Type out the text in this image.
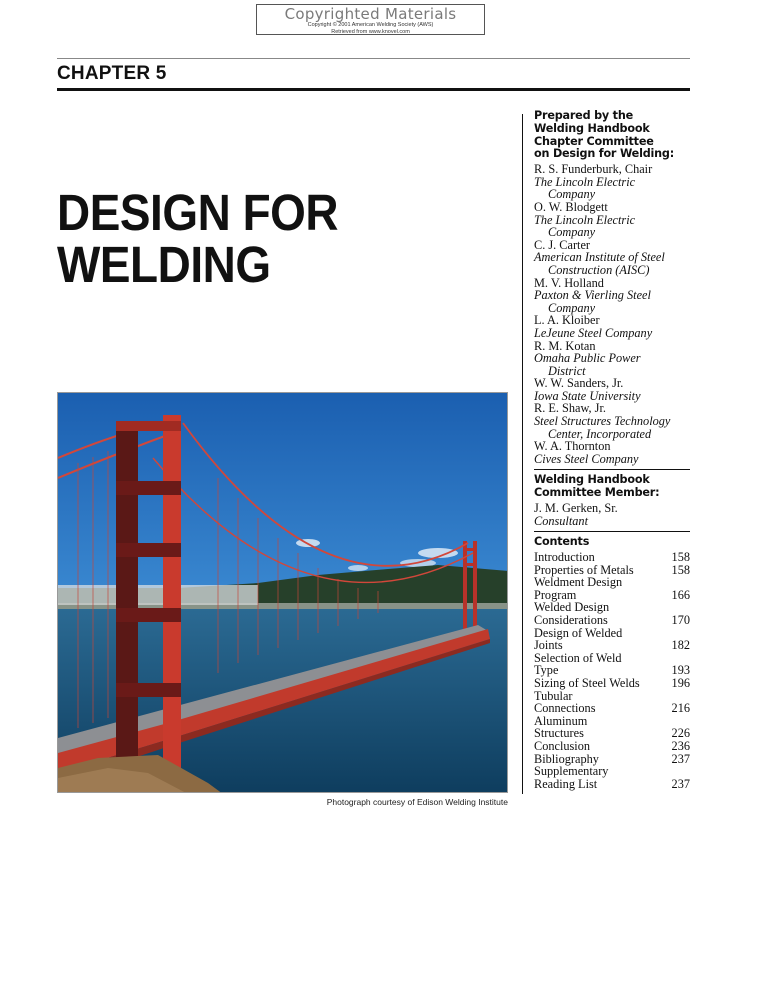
Copyrighted Materials
Copyright © 2001 American Welding Society (AWS)
Retrieved from www.knovel.com
CHAPTER 5
DESIGN FOR
WELDING
Photograph courtesy of Edison Welding Institute
Prepared by the
Welding Handbook
Chapter Committee
on Design for Welding:
R. S. Funderburk, Chair
The Lincoln Electric
Company
O. W. Blodgett
The Lincoln Electric
Company
C. J. Carter
American Institute of Steel
Construction (AISC)
M. V. Holland
Paxton & Vierling Steel
Company
L. A. Kloiber
LeJeune Steel Company
R. M. Kotan
Omaha Public Power
District
W. W. Sanders, Jr.
Iowa State University
R. E. Shaw, Jr.
Steel Structures Technology
Center, Incorporated
W. A. Thornton
Cives Steel Company
Welding Handbook
Committee Member:
J. M. Gerken, Sr.
Consultant
Contents
Introduction	158
Properties of Metals	158
Weldment Design
Program	166
Welded Design
Considerations	170
Design of Welded
Joints	182
Selection of Weld
Type	193
Sizing of Steel Welds	196
Tubular
Connections	216
Aluminum
Structures	226
Conclusion	236
Bibliography	237
Supplementary
Reading List	237
